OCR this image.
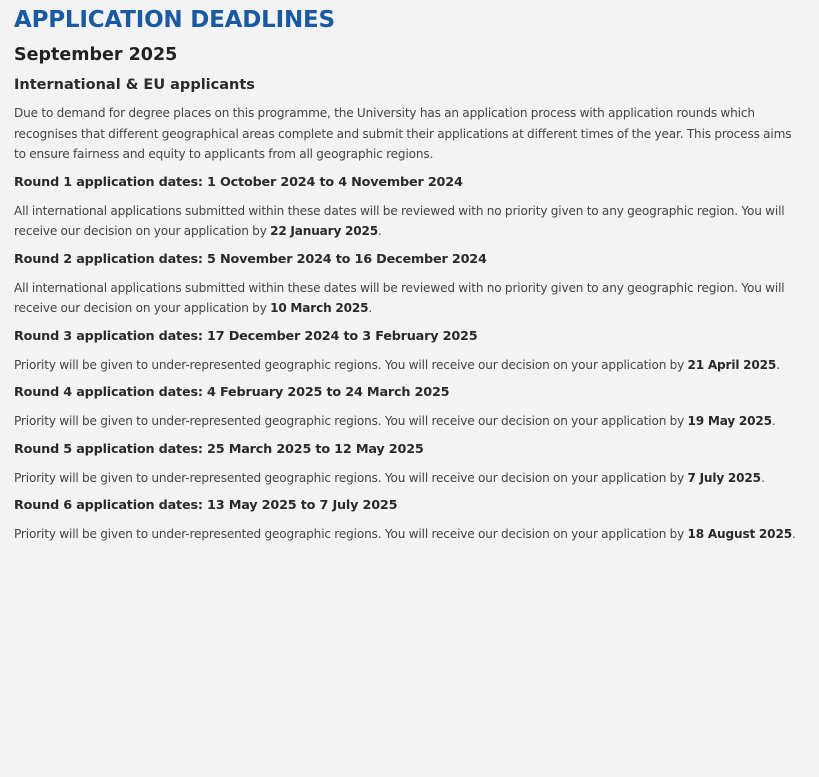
APPLICATION DEADLINES
September 2025
International & EU applicants

Due to demand for degree places on this programme, the University has an application process with application rounds which recognises that different geographical areas complete and submit their applications at different times of the year. This process aims to ensure fairness and equity to applicants from all geographic regions.

Round 1 application dates: 1 October 2024 to 4 November 2024

All international applications submitted within these dates will be reviewed with no priority given to any geographic region. You will receive our decision on your application by 22 January 2025.

Round 2 application dates: 5 November 2024 to 16 December 2024

All international applications submitted within these dates will be reviewed with no priority given to any geographic region. You will receive our decision on your application by 10 March 2025.

Round 3 application dates: 17 December 2024 to 3 February 2025

Priority will be given to under-represented geographic regions. You will receive our decision on your application by 21 April 2025.

Round 4 application dates: 4 February 2025 to 24 March 2025

Priority will be given to under-represented geographic regions. You will receive our decision on your application by 19 May 2025.

Round 5 application dates: 25 March 2025 to 12 May 2025

Priority will be given to under-represented geographic regions. You will receive our decision on your application by 7 July 2025.

Round 6 application dates: 13 May 2025 to 7 July 2025

Priority will be given to under-represented geographic regions. You will receive our decision on your application by 18 August 2025.
